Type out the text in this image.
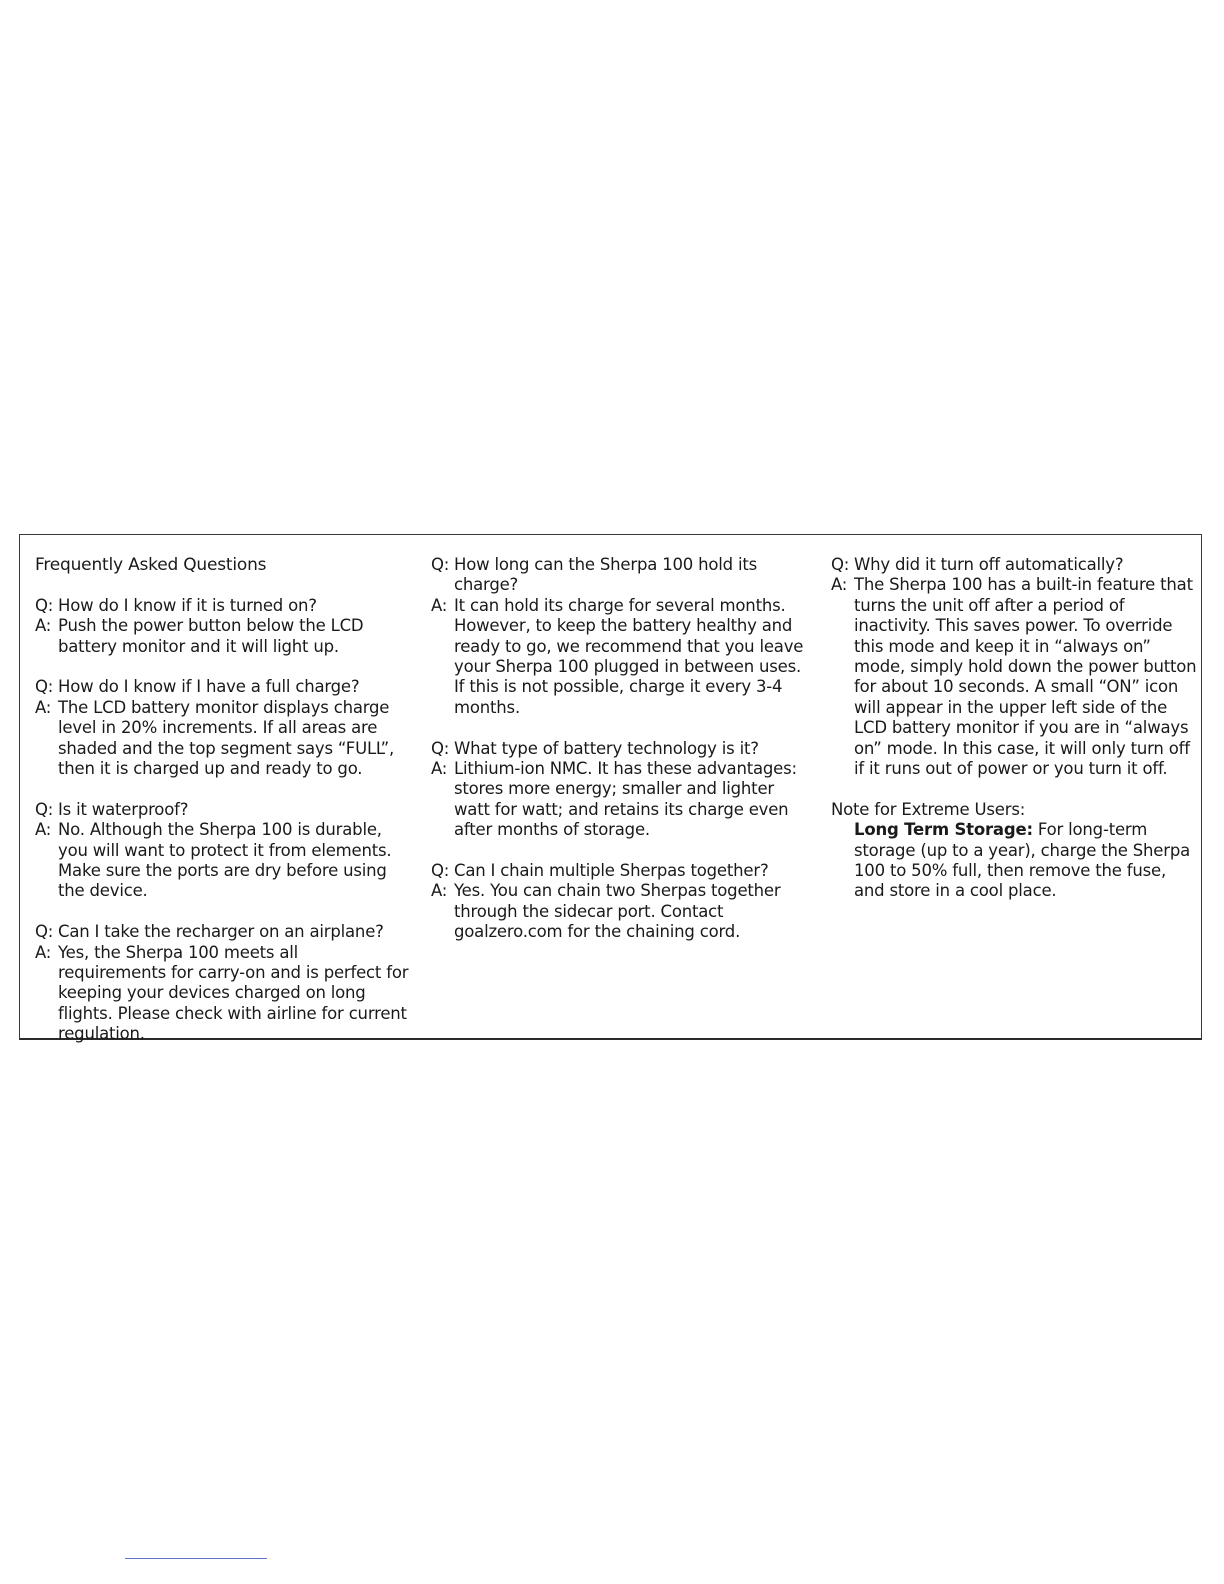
Frequently Asked Questions
Q: How do I know if it is turned on?
A: Push the power button below the LCD battery monitor and it will light up.
Q: How do I know if I have a full charge?
A: The LCD battery monitor displays charge level in 20% increments. If all areas are shaded and the top segment says “FULL”, then it is charged up and ready to go.
Q: Is it waterproof?
A: No. Although the Sherpa 100 is durable, you will want to protect it from elements. Make sure the ports are dry before using the device.
Q: Can I take the recharger on an airplane?
A: Yes, the Sherpa 100 meets all requirements for carry-on and is perfect for keeping your devices charged on long flights. Please check with airline for current regulation.
Q: How long can the Sherpa 100 hold its charge?
A: It can hold its charge for several months. However, to keep the battery healthy and ready to go, we recommend that you leave your Sherpa 100 plugged in between uses. If this is not possible, charge it every 3-4 months.
Q: What type of battery technology is it?
A: Lithium-ion NMC. It has these advantages: stores more energy; smaller and lighter watt for watt; and retains its charge even after months of storage.
Q: Can I chain multiple Sherpas together?
A: Yes. You can chain two Sherpas together through the sidecar port. Contact goalzero.com for the chaining cord.
Q: Why did it turn off automatically?
A: The Sherpa 100 has a built-in feature that turns the unit off after a period of inactivity. This saves power. To override this mode and keep it in “always on” mode, simply hold down the power button for about 10 seconds. A small “ON” icon will appear in the upper left side of the LCD battery monitor if you are in “always on” mode. In this case, it will only turn off if it runs out of power or you turn it off.
Note for Extreme Users:
Long Term Storage: For long-term storage (up to a year), charge the Sherpa 100 to 50% full, then remove the fuse, and store in a cool place.
